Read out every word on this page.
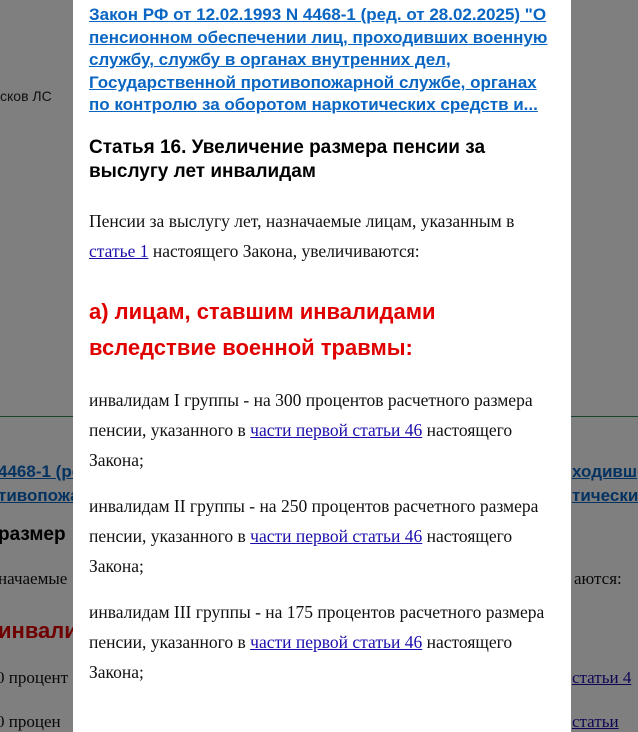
Закон РФ от 12.02.1993 N 4468-1 (ред. от 28.02.2025) "О пенсионном обеспечении лиц, проходивших военную службу, службу в органах внутренних дел, Государственной противопожарной службе, органах по контролю за оборотом наркотических средств и...
Статья 16. Увеличение размера пенсии за выслугу лет инвалидам

Пенсии за выслугу лет, назначаемые лицам, указанным в статье 1 настоящего Закона, увеличиваются:

а) лицам, ставшим инвалидами вследствие военной травмы:

инвалидам I группы - на 300 процентов расчетного размера пенсии, указанного в части первой статьи 46 настоящего Закона;

инвалидам II группы - на 250 процентов расчетного размера пенсии, указанного в части первой статьи 46 настоящего Закона;

инвалидам III группы - на 175 процентов расчетного размера пенсии, указанного в части первой статьи 46 настоящего Закона;
